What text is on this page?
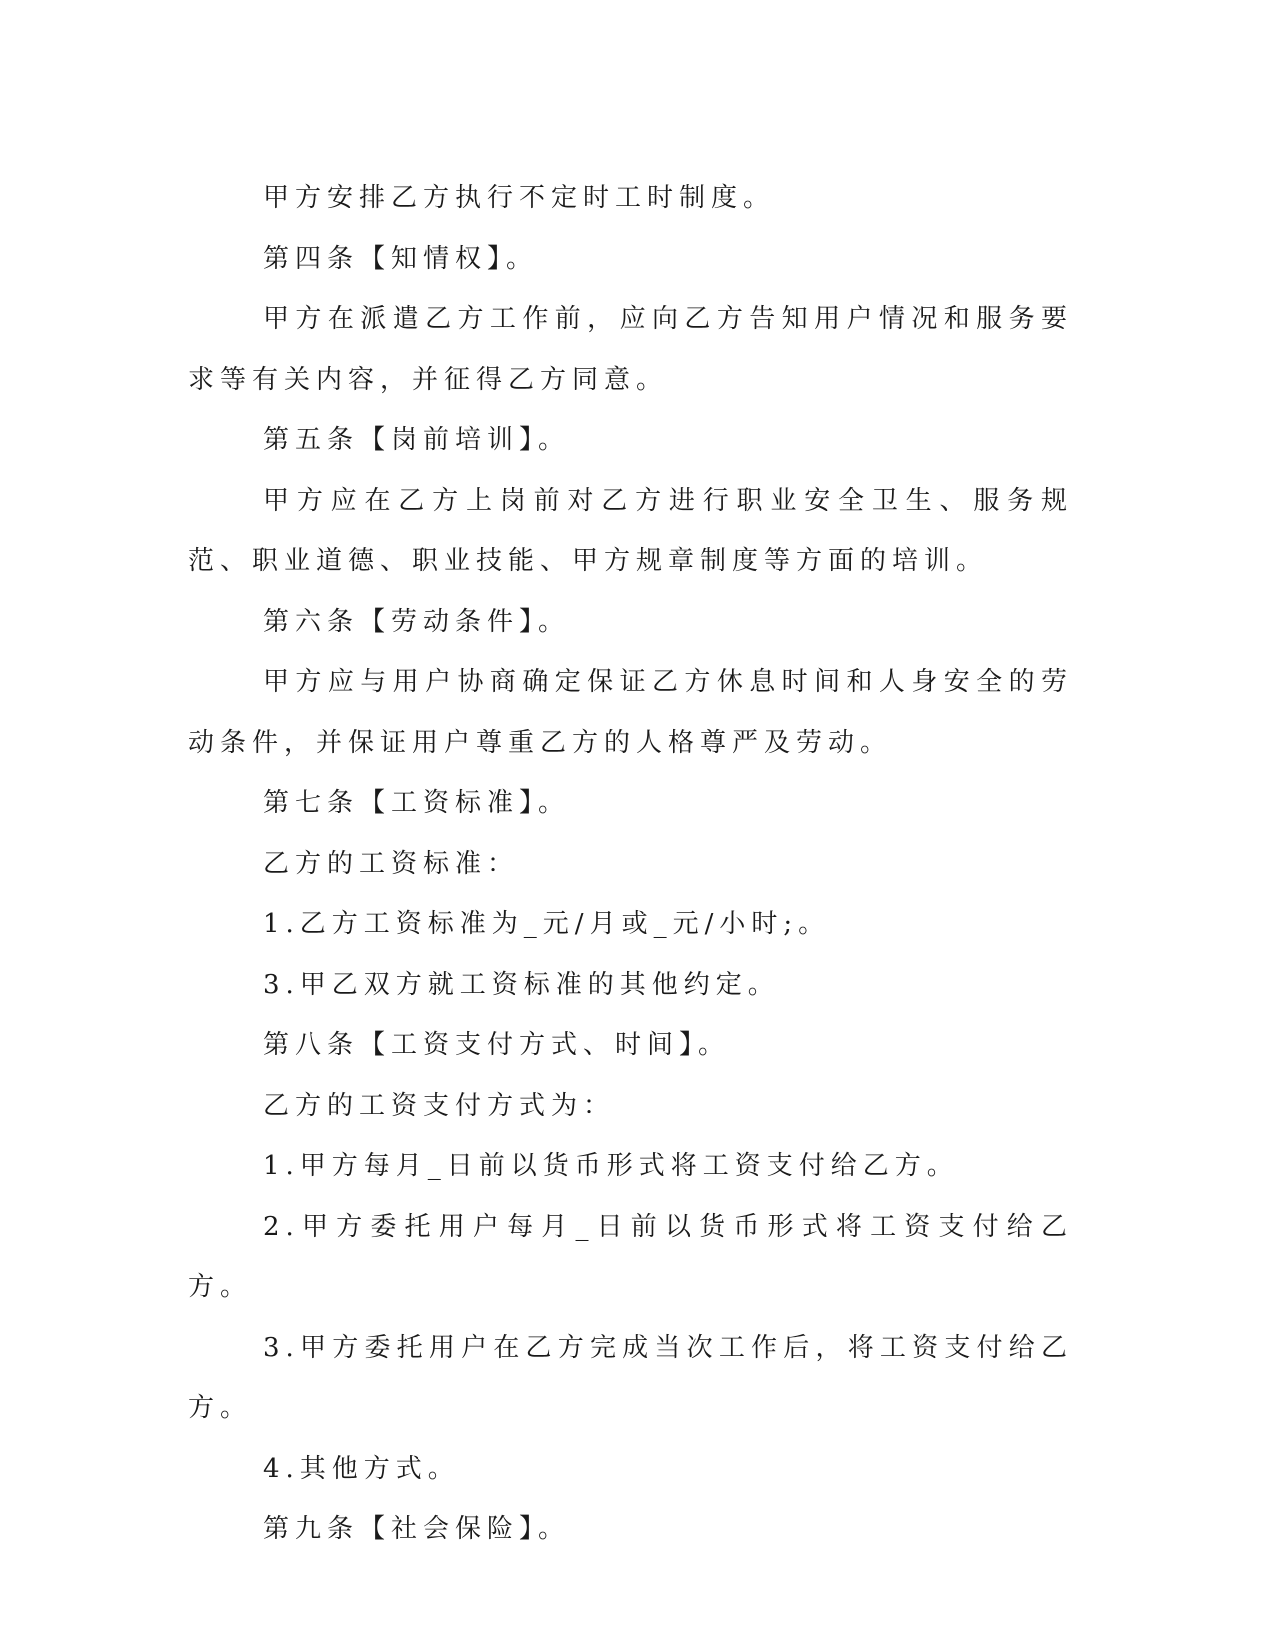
甲方安排乙方执行不定时工时制度。

第四条【知情权】。

甲方在派遣乙方工作前，应向乙方告知用户情况和服务要求等有关内容，并征得乙方同意。

第五条【岗前培训】。

甲方应在乙方上岗前对乙方进行职业安全卫生、服务规范、职业道德、职业技能、甲方规章制度等方面的培训。

第六条【劳动条件】。

甲方应与用户协商确定保证乙方休息时间和人身安全的劳动条件，并保证用户尊重乙方的人格尊严及劳动。

第七条【工资标准】。

乙方的工资标准：

1.乙方工资标准为_元/月或_元/小时;。

3.甲乙双方就工资标准的其他约定。

第八条【工资支付方式、时间】。

乙方的工资支付方式为：

1.甲方每月_日前以货币形式将工资支付给乙方。

2.甲方委托用户每月_日前以货币形式将工资支付给乙方。

3.甲方委托用户在乙方完成当次工作后，将工资支付给乙方。

4.其他方式。

第九条【社会保险】。
